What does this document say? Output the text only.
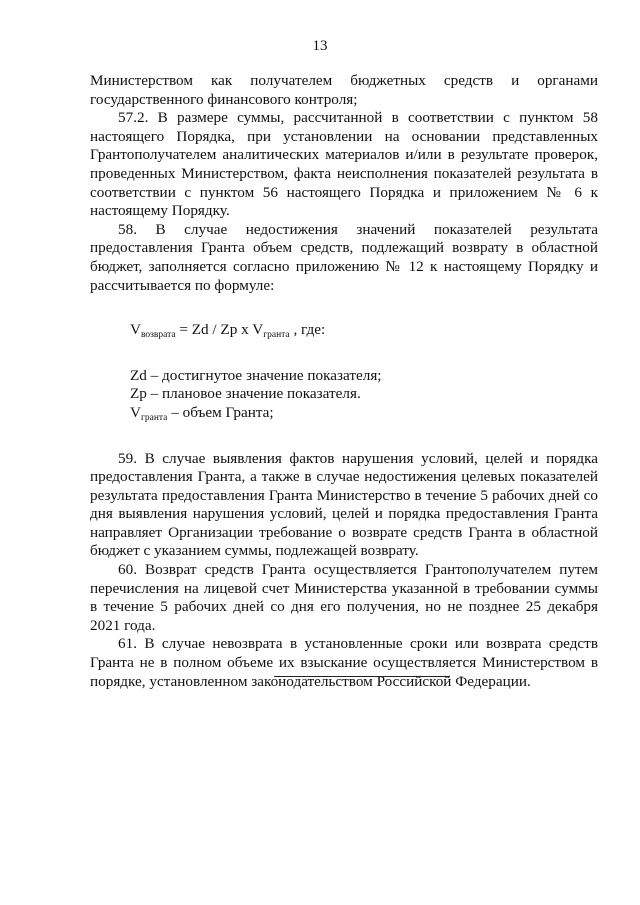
13

Министерством как получателем бюджетных средств и органами государственного финансового контроля;

57.2. В размере суммы, рассчитанной в соответствии с пунктом 58 настоящего Порядка, при установлении на основании представленных Грантополучателем аналитических материалов и/или в результате проверок, проведенных Министерством, факта неисполнения показателей результата в соответствии с пунктом 56 настоящего Порядка и приложением № 6 к настоящему Порядку.

58. В случае недостижения значений показателей результата предоставления Гранта объем средств, подлежащий возврату в областной бюджет, заполняется согласно приложению № 12 к настоящему Порядку и рассчитывается по формуле:

$V_{возврата} = Zd / Zp$ x $V_{гранта}$ , где:

Zd – достигнутое значение показателя;

Zp – плановое значение показателя.

$V_{гранта}$ – объем Гранта;

59. В случае выявления фактов нарушения условий, целей и порядка предоставления Гранта, а также в случае недостижения целевых показателей результата предоставления Гранта Министерство в течение 5 рабочих дней со дня выявления нарушения условий, целей и порядка предоставления Гранта направляет Организации требование о возврате средств Гранта в областной бюджет с указанием суммы, подлежащей возврату.

60. Возврат средств Гранта осуществляется Грантополучателем путем перечисления на лицевой счет Министерства указанной в требовании суммы в течение 5 рабочих дней со дня его получения, но не позднее 25 декабря 2021 года.

61. В случае невозврата в установленные сроки или возврата средств Гранта не в полном объеме их взыскание осуществляется Министерством в порядке, установленном законодательством Российской Федерации.
